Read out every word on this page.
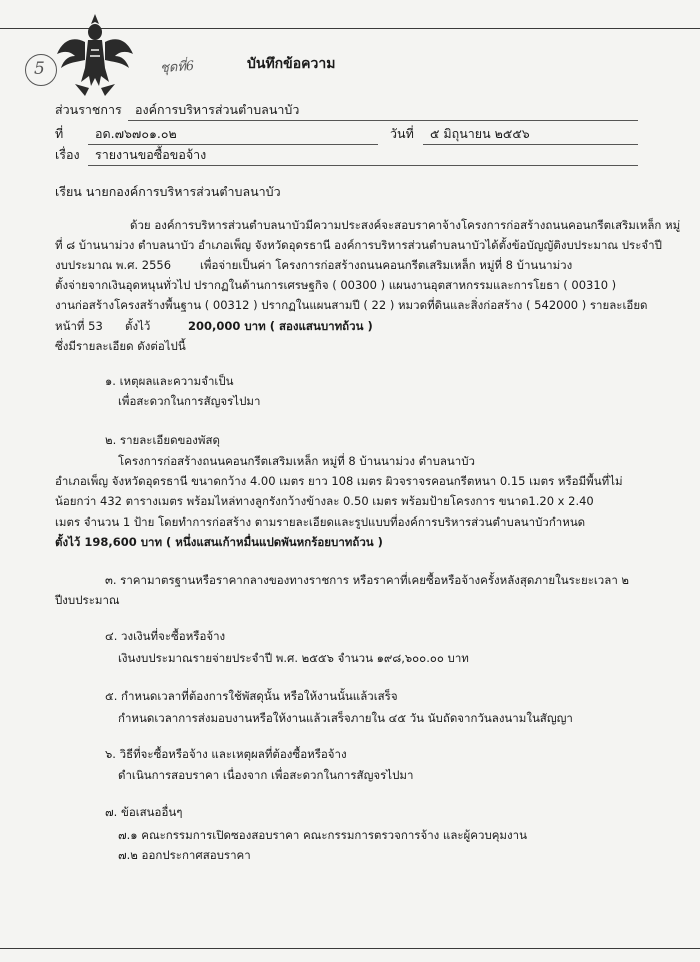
5	ชุดที่6	บันทึกข้อความ
ส่วนราชการ องค์การบริหารส่วนตำบลนาบัว
ที่	อด.๗๖๗๐๑.๐๒	วันที่ ๕ มิถุนายน ๒๕๕๖
เรื่อง รายงานขอซื้อขอจ้าง
เรียน นายกองค์การบริหารส่วนตำบลนาบัว
ด้วย องค์การบริหารส่วนตำบลนาบัวมีความประสงค์จะสอบราคาจ้างโครงการก่อสร้างถนนคอนกรีตเสริมเหล็ก หมู่
ที่ ๘ บ้านนาม่วง ตำบลนาบัว อำเภอเพ็ญ จังหวัดอุดรธานี องค์การบริหารส่วนตำบลนาบัวได้ตั้งข้อบัญญัติงบประมาณ ประจำปี
งบประมาณ พ.ศ. 2556	เพื่อจ่ายเป็นค่า โครงการก่อสร้างถนนคอนกรีตเสริมเหล็ก หมู่ที่ 8 บ้านนาม่วง
ตั้งจ่ายจากเงินอุดหนุนทั่วไป ปรากฏในด้านการเศรษฐกิจ ( 00300 ) แผนงานอุตสาหกรรมและการโยธา ( 00310 )
งานก่อสร้างโครงสร้างพื้นฐาน ( 00312 ) ปรากฏในแผนสามปี ( 22 ) หมวดที่ดินและสิ่งก่อสร้าง ( 542000 ) รายละเอียด
หน้าที่ 53 ตั้งไว้	200,000 บาท ( สองแสนบาทถ้วน )
ซึ่งมีรายละเอียด ดังต่อไปนี้
๑. เหตุผลและความจำเป็น
เพื่อสะดวกในการสัญจรไปมา
๒. รายละเอียดของพัสดุ
โครงการก่อสร้างถนนคอนกรีตเสริมเหล็ก หมู่ที่ 8 บ้านนาม่วง ตำบลนาบัว
อำเภอเพ็ญ จังหวัดอุดรธานี ขนาดกว้าง 4.00 เมตร ยาว 108 เมตร ผิวจราจรคอนกรีตหนา 0.15 เมตร หรือมีพื้นที่ไม่
น้อยกว่า 432 ตารางเมตร พร้อมไหล่ทางลูกรังกว้างข้างละ 0.50 เมตร พร้อมป้ายโครงการ ขนาด1.20 x 2.40
เมตร จำนวน 1 ป้าย โดยทำการก่อสร้าง ตามรายละเอียดและรูปแบบที่องค์การบริหารส่วนตำบลนาบัวกำหนด
ตั้งไว้ 198,600 บาท ( หนึ่งแสนเก้าหมื่นแปดพันหกร้อยบาทถ้วน )
๓. ราคามาตรฐานหรือราคากลางของทางราชการ หรือราคาที่เคยซื้อหรือจ้างครั้งหลังสุดภายในระยะเวลา ๒
ปีงบประมาณ
๔. วงเงินที่จะซื้อหรือจ้าง
เงินงบประมาณรายจ่ายประจำปี พ.ศ. ๒๕๕๖ จำนวน ๑๙๘,๖๐๐.๐๐ บาท
๕. กำหนดเวลาที่ต้องการใช้พัสดุนั้น หรือให้งานนั้นแล้วเสร็จ
กำหนดเวลาการส่งมอบงานหรือให้งานแล้วเสร็จภายใน ๔๕ วัน นับถัดจากวันลงนามในสัญญา
๖. วิธีที่จะซื้อหรือจ้าง และเหตุผลที่ต้องซื้อหรือจ้าง
ดำเนินการสอบราคา เนื่องจาก เพื่อสะดวกในการสัญจรไปมา
๗. ข้อเสนออื่นๆ
๗.๑ คณะกรรมการเปิดซองสอบราคา คณะกรรมการตรวจการจ้าง และผู้ควบคุมงาน
๗.๒ ออกประกาศสอบราคา
